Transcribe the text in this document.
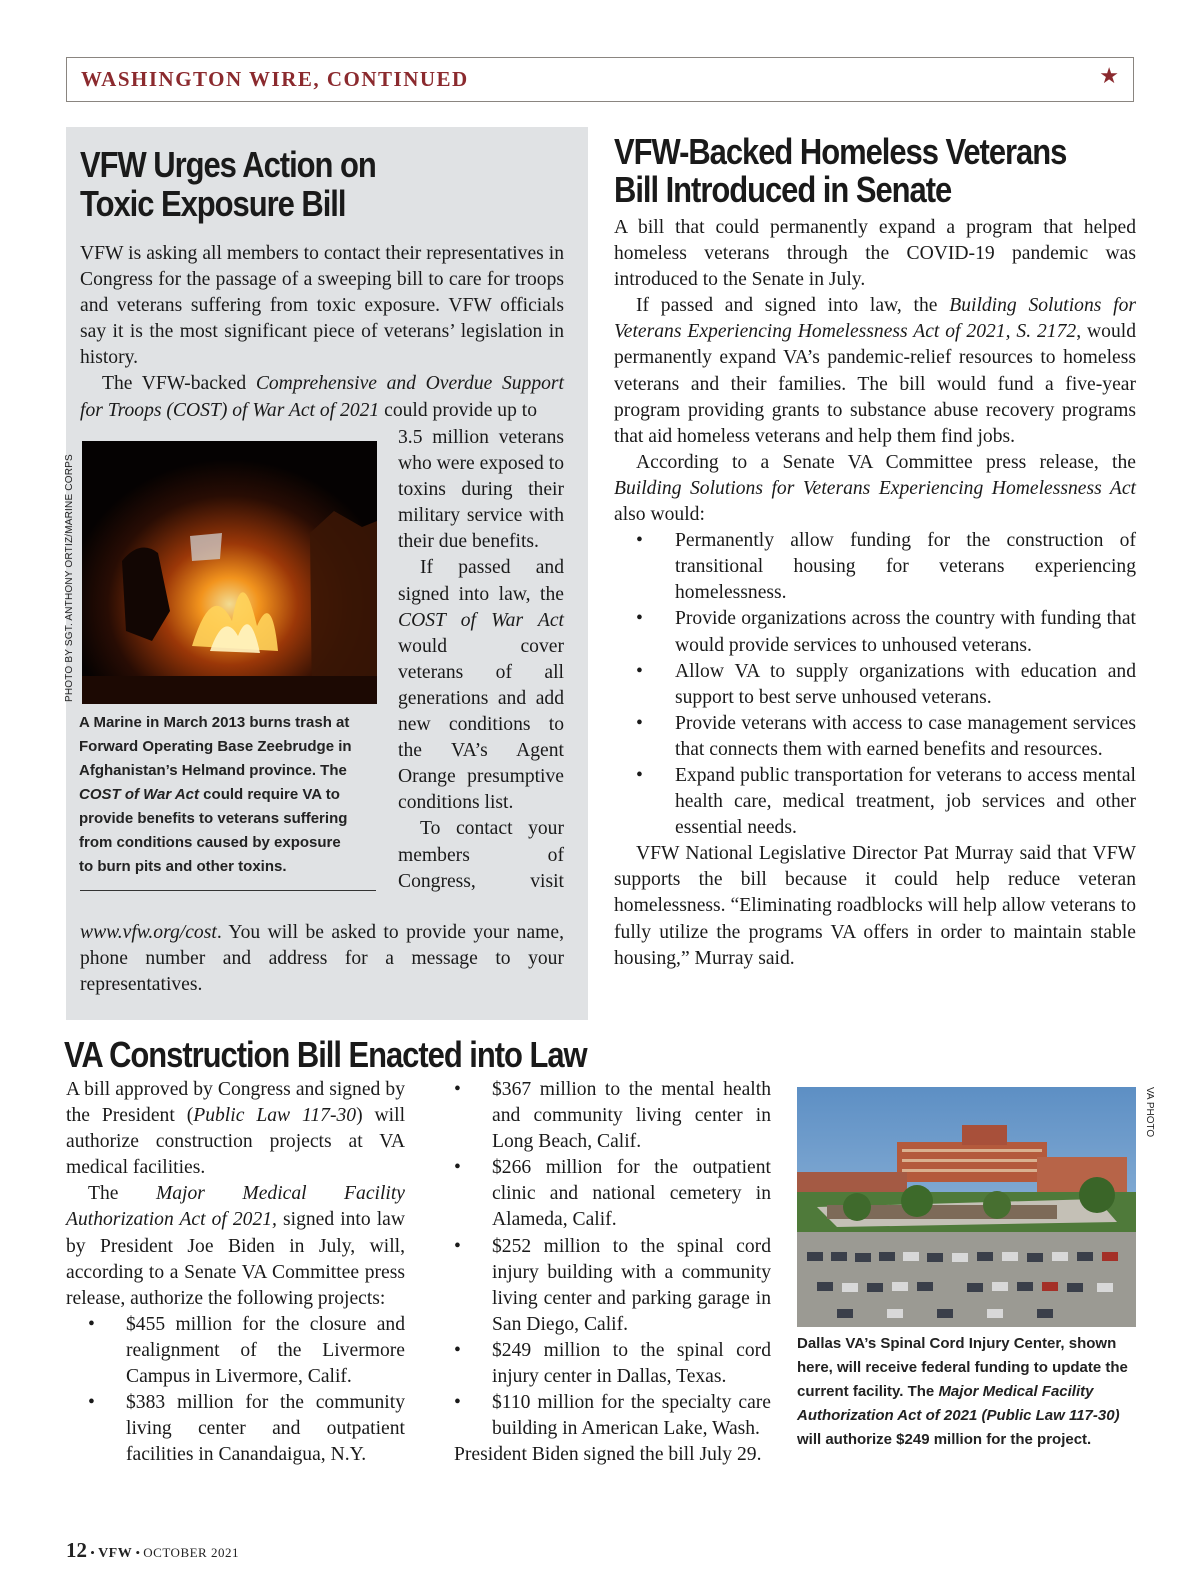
WASHINGTON WIRE, CONTINUED	★
VFW Urges Action on
Toxic Exposure Bill

VFW is asking all members to contact their representatives in Congress for the passage of a sweeping bill to care for troops and veterans suffering from toxic exposure. VFW officials say it is the most significant piece of veterans’ legislation in history.

The VFW-backed Comprehensive and Overdue Support for Troops (COST) of War Act of 2021 could provide up to

PHOTO BY SGT. ANTHONY ORTIZ/MARINE CORPS
A Marine in March 2013 burns trash at Forward Operating Base Zeebrudge in Afghanistan’s Helmand province. The COST of War Act could require VA to provide benefits to veterans suffering from conditions caused by exposure to burn pits and other toxins.

3.5 million veterans who were exposed to toxins during their military service with their due benefits.

If passed and signed into law, the COST of War Act would cover veterans of all generations and add new conditions to the VA’s Agent Orange presumptive conditions list.

To contact your members of Congress, visit

www.vfw.org/cost. You will be asked to provide your name, phone number and address for a message to your representatives.

VFW-Backed Homeless Veterans
Bill Introduced in Senate

A bill that could permanently expand a program that helped homeless veterans through the COVID-19 pandemic was introduced to the Senate in July.

If passed and signed into law, the Building Solutions for Veterans Experiencing Homelessness Act of 2021, S. 2172, would permanently expand VA’s pandemic-relief resources to homeless veterans and their families. The bill would fund a five-year program providing grants to substance abuse recovery programs that aid homeless veterans and help them find jobs.

According to a Senate VA Committee press release, the Building Solutions for Veterans Experiencing Homelessness Act also would:

• Permanently allow funding for the construction of transitional housing for veterans experiencing homelessness.
• Provide organizations across the country with funding that would provide services to unhoused veterans.
• Allow VA to supply organizations with education and support to best serve unhoused veterans.
• Provide veterans with access to case management services that connects them with earned benefits and resources.
• Expand public transportation for veterans to access mental health care, medical treatment, job services and other essential needs.

VFW National Legislative Director Pat Murray said that VFW supports the bill because it could help reduce veteran homelessness. “Eliminating roadblocks will help allow veterans to fully utilize the programs VA offers in order to maintain stable housing,” Murray said.

VA Construction Bill Enacted into Law

A bill approved by Congress and signed by the President (Public Law 117-30) will authorize construction projects at VA medical facilities.

The Major Medical Facility Authorization Act of 2021, signed into law by President Joe Biden in July, will, according to a Senate VA Committee press release, authorize the following projects:

• $455 million for the closure and realignment of the Livermore Campus in Livermore, Calif.
• $383 million for the community living center and outpatient facilities in Canandaigua, N.Y.
• $367 million to the mental health and community living center in Long Beach, Calif.
• $266 million for the outpatient clinic and national cemetery in Alameda, Calif.
• $252 million to the spinal cord injury building with a community living center and parking garage in San Diego, Calif.
• $249 million to the spinal cord injury center in Dallas, Texas.
• $110 million for the specialty care building in American Lake, Wash.

President Biden signed the bill July 29.

VA PHOTO
Dallas VA’s Spinal Cord Injury Center, shown here, will receive federal funding to update the current facility. The Major Medical Facility Authorization Act of 2021 (Public Law 117-30) will authorize $249 million for the project.
12 • VFW • OCTOBER 2021
